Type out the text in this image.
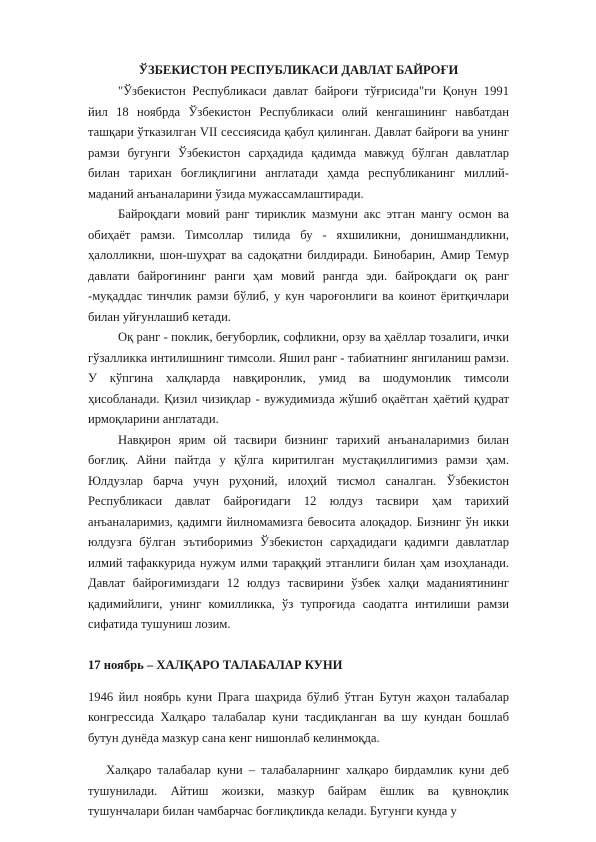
ЎЗБЕКИСТОН РЕСПУБЛИКАСИ ДАВЛАТ БАЙРОҒИ

"Ўзбекистон Республикаси давлат байроғи тўғрисида"ги Қонун 1991 йил 18 ноябрда Ўзбекистон Республикаси олий кенгашининг навбатдан ташқари ўтказилган VII сессиясида қабул қилинган. Давлат байроғи ва унинг рамзи бугунги Ўзбекистон сарҳадида қадимда мавжуд бўлган давлатлар билан тарихан боғлиқлигини англатади ҳамда республиканинг миллий-маданий анъаналарини ўзида мужассамлаштиради.

Байроқдаги мовий ранг тириклик мазмуни акс этган мангу осмон ва обиҳаёт рамзи. Тимсоллар тилида бу - яхшиликни, донишмандликни, ҳалолликни, шон-шуҳрат ва садоқатни билдиради. Бинобарин, Амир Темур давлати байроғининг ранги ҳам мовий рангда эди. байроқдаги оқ ранг -муқаддас тинчлик рамзи бўлиб, у кун чароғонлиги ва коинот ёритқичлари билан уйғунлашиб кетади.

Оқ ранг - поклик, беғуборлик, софликни, орзу ва ҳаёллар тозалиги, ички гўзалликка интилишнинг тимсоли. Яшил ранг - табиатнинг янгиланиш рамзи. У кўпгина халқларда навқиронлик, умид ва шодумонлик тимсоли ҳисобланади. Қизил чизиқлар - вужудимизда жўшиб оқаётган ҳаётий қудрат ирмоқларини англатади.

Навқирон ярим ой тасвири бизнинг тарихий анъаналаримиз билан боғлиқ. Айни пайтда у қўлга киритилган мустақиллигимиз рамзи ҳам. Юлдузлар барча учун руҳоний, илоҳий тисмол саналган. Ўзбекистон Республикаси давлат байроғидаги 12 юлдуз тасвири ҳам тарихий анъаналаримиз, қадимги йилномамизга бевосита алоқадор. Бизнинг ўн икки юлдузга бўлган эътиборимиз Ўзбекистон сарҳадидаги қадимги давлатлар илмий тафаккурида нужум илми тараққий этганлиги билан ҳам изоҳланади. Давлат байроғимиздаги 12 юлдуз тасвирини ўзбек халқи маданиятининг қадимийлиги, унинг комилликка, ўз тупроғида саодатга интилиши рамзи сифатида тушуниш лозим.

17 ноябрь – ХАЛҚАРО ТАЛАБАЛАР КУНИ

1946 йил ноябрь куни Прага шаҳрида бўлиб ўтган Бутун жаҳон талабалар конгрессида Халқаро талабалар куни тасдиқланган ва шу кундан бошлаб бутун дунёда мазкур сана кенг нишонлаб келинмоқда.

Халқаро талабалар куни – талабаларнинг халқаро бирдамлик куни деб тушунилади. Айтиш жоизки, мазкур байрам ёшлик ва қувноқлик тушунчалари билан чамбарчас боғлиқликда келади. Бугунги кунда у
